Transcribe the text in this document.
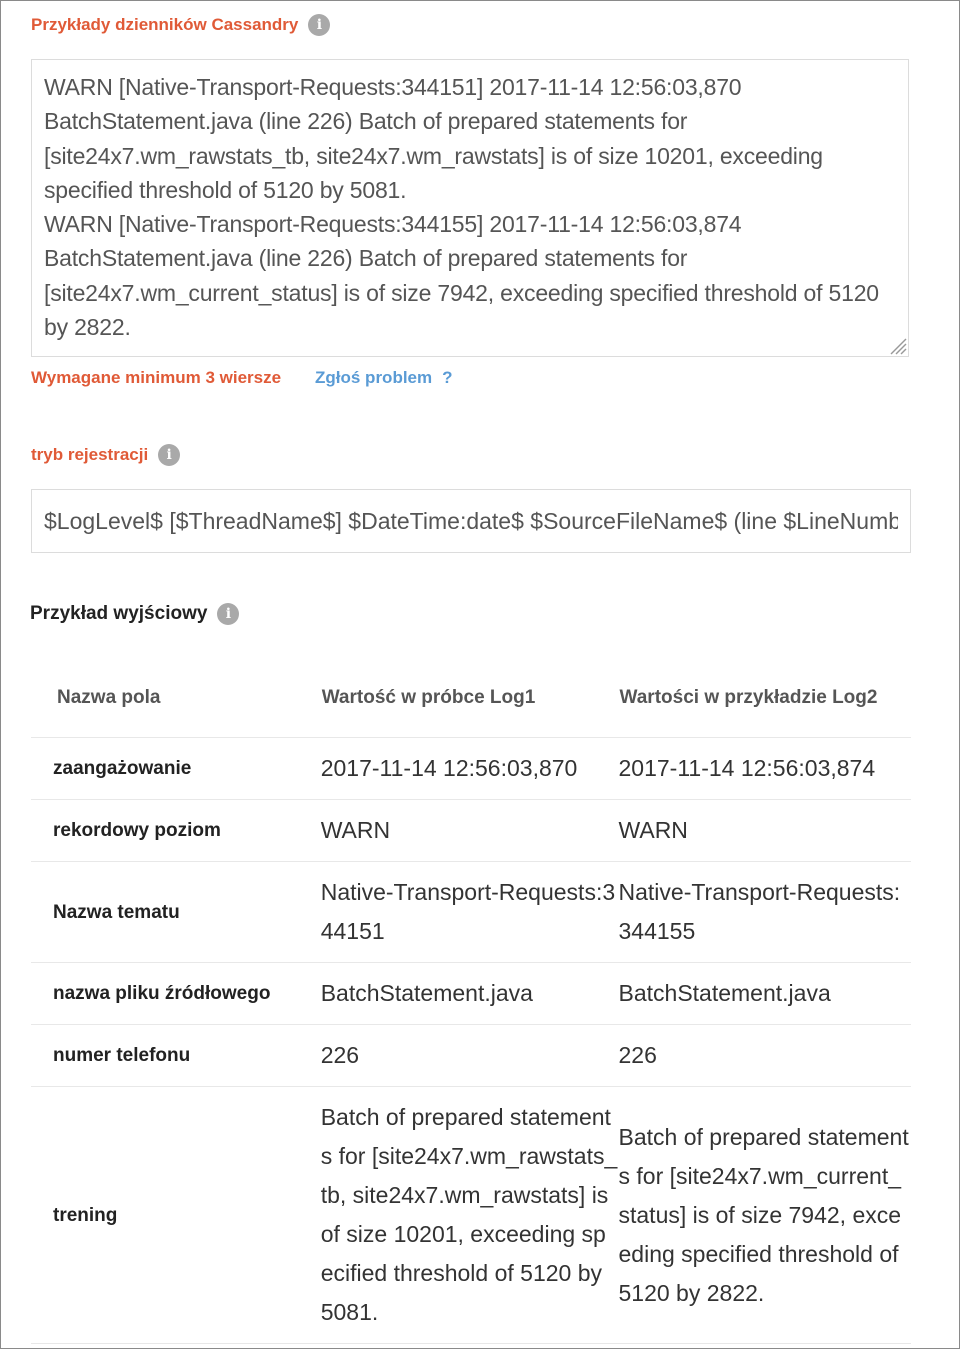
Przykłady dzienników Cassandry	i

WARN [Native-Transport-Requests:344151] 2017-11-14 12:56:03,870 BatchStatement.java (line 226) Batch of prepared statements for [site24x7.wm_rawstats_tb, site24x7.wm_rawstats] is of size 10201, exceeding specified threshold of 5120 by 5081.

WARN [Native-Transport-Requests:344155] 2017-11-14 12:56:03,874 BatchStatement.java (line 226) Batch of prepared statements for [site24x7.wm_current_status] is of size 7942, exceeding specified threshold of 5120 by 2822.

Wymagane minimum 3 wiersze Zgłoś problem ?
tryb rejestracji	i
$LogLevel$ [$ThreadName$] $DateTime:date$ $SourceFileName$ (line $LineNumber$) $Message$
Przykład wyjściowy	i
Nazwa pola	Wartość w próbce Log1	Wartości w przykładzie Log2
zaangażowanie	2017-11-14 12:56:03,870	2017-11-14 12:56:03,874
rekordowy poziom	WARN	WARN
Nazwa tematu	Native-Transport-Requests:344151	Native-Transport-Requests:344155
nazwa pliku źródłowego	BatchStatement.java	BatchStatement.java
numer telefonu	226	226
trening	Batch of prepared statements for [site24x7.wm_rawstats_tb, site24x7.wm_rawstats] is of size 10201, exceeding specified threshold of 5120 by 5081.	Batch of prepared statements for [site24x7.wm_current_status] is of size 7942, exceeding specified threshold of 5120 by 2822.
